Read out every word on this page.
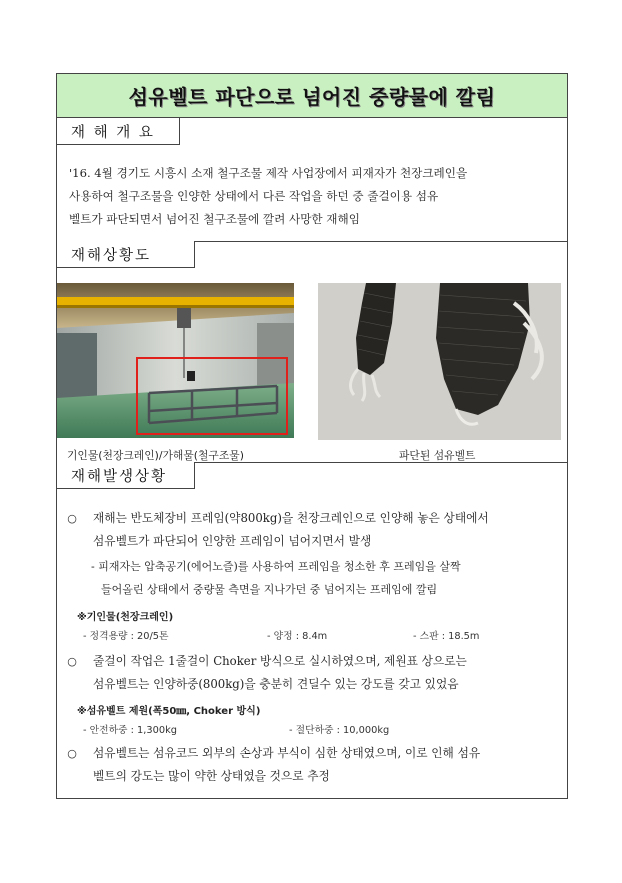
섬유벨트 파단으로 넘어진 중량물에 깔림
재 해 개 요
'16. 4월 경기도 시흥시 소재 철구조물 제작 사업장에서 피재자가 천장크레인을
사용하여 철구조물을 인양한 상태에서 다른 작업을 하던 중 줄걸이용 섬유
벨트가 파단되면서 넘어진 철구조물에 깔려 사망한 재해임
재해상황도
기인물(천장크레인)/가해물(철구조물)	파단된 섬유벨트
재해발생상황
○ 재해는 반도체장비 프레임(약800kg)을 천장크레인으로 인양해 놓은 상태에서
섬유벨트가 파단되어 인양한 프레임이 넘어지면서 발생
- 피재자는 압축공기(에어노즐)를 사용하여 프레임을 청소한 후 프레임을 살짝
들어올린 상태에서 중량물 측면을 지나가던 중 넘어지는 프레임에 깔림
※기인물(천장크레인)
- 정격용량 : 20/5톤	- 양정 : 8.4m	- 스판 : 18.5m
○ 줄걸이 작업은 1줄걸이 Choker 방식으로 실시하였으며, 제원표 상으로는
섬유벨트는 인양하중(800kg)을 충분히 견딜수 있는 강도를 갖고 있었음
※섬유벨트 제원(폭50㎜, Choker 방식)
- 안전하중 : 1,300kg	- 절단하중 : 10,000kg
○ 섬유벨트는 섬유코드 외부의 손상과 부식이 심한 상태였으며, 이로 인해 섬유
벨트의 강도는 많이 약한 상태였을 것으로 추정
